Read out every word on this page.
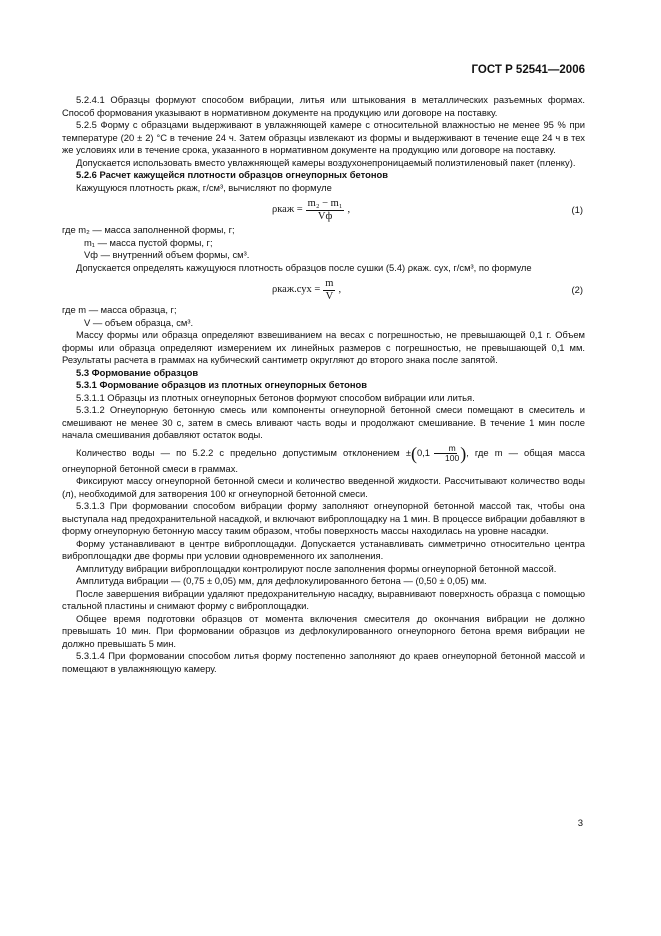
ГОСТ Р 52541—2006

5.2.4.1 Образцы формуют способом вибрации, литья или штыкования в металлических разъемных формах. Способ формования указывают в нормативном документе на продукцию или договоре на поставку.

5.2.5 Форму с образцами выдерживают в увлажняющей камере с относительной влажностью не менее 95 % при температуре (20 ± 2) °С в течение 24 ч. Затем образцы извлекают из формы и выдерживают в течение еще 24 ч в тех же условиях или в течение срока, указанного в нормативном документе на продукцию или договоре на поставку.

Допускается использовать вместо увлажняющей камеры воздухонепроницаемый полиэтиленовый пакет (пленку).

5.2.6 Расчет кажущейся плотности образцов огнеупорных бетонов

Кажущуюся плотность ρкаж, г/см³, вычисляют по формуле

$\rho каж = \frac{\text{m₂ − m₁}}{Vф}$ ,	(1)

где m₂ — масса заполненной формы, г;

m₁ — масса пустой формы, г;

Vф — внутренний объем формы, см³.

Допускается определять кажущуюся плотность образцов после сушки (5.4) ρкаж. сух, г/см³, по формуле

$\rho каж.сух = \frac{m}{V}$ ,	(2)

где m — масса образца, г;

V — объем образца, см³.

Массу формы или образца определяют взвешиванием на весах с погрешностью, не превышающей 0,1 г. Объем формы или образца определяют измерением их линейных размеров с погрешностью, не превышающей 0,1 мм. Результаты расчета в граммах на кубический сантиметр округляют до второго знака после запятой.

5.3 Формование образцов

5.3.1 Формование образцов из плотных огнеупорных бетонов

5.3.1.1 Образцы из плотных огнеупорных бетонов формуют способом вибрации или литья.

5.3.1.2 Огнеупорную бетонную смесь или компоненты огнеупорной бетонной смеси помещают в смеситель и смешивают не менее 30 с, затем в смесь вливают часть воды и продолжают смешивание. В течение 1 мин после начала смешивания добавляют остаток воды.

Количество воды — по 5.2.2 с предельно допустимым отклонением $\pm(0,1 \frac{m}{100}$ ), где m — общая масса огнеупорной бетонной смеси в граммах.

Фиксируют массу огнеупорной бетонной смеси и количество введенной жидкости. Рассчитывают количество воды (л), необходимой для затворения 100 кг огнеупорной бетонной смеси.

5.3.1.3 При формовании способом вибрации форму заполняют огнеупорной бетонной массой так, чтобы она выступала над предохранительной насадкой, и включают виброплощадку на 1 мин. В процессе вибрации добавляют в форму огнеупорную бетонную массу таким образом, чтобы поверхность массы находилась на уровне насадки.

Форму устанавливают в центре виброплощадки. Допускается устанавливать симметрично относительно центра виброплощадки две формы при условии одновременного их заполнения.

Амплитуду вибрации виброплощадки контролируют после заполнения формы огнеупорной бетонной массой.

Амплитуда вибрации — (0,75 ± 0,05) мм, для дефлокулированного бетона — (0,50 ± 0,05) мм.

После завершения вибрации удаляют предохранительную насадку, выравнивают поверхность образца с помощью стальной пластины и снимают форму с виброплощадки.

Общее время подготовки образцов от момента включения смесителя до окончания вибрации не должно превышать 10 мин. При формовании образцов из дефлокулированного огнеупорного бетона время вибрации не должно превышать 5 мин.

5.3.1.4 При формовании способом литья форму постепенно заполняют до краев огнеупорной бетонной массой и помещают в увлажняющую камеру.

3
